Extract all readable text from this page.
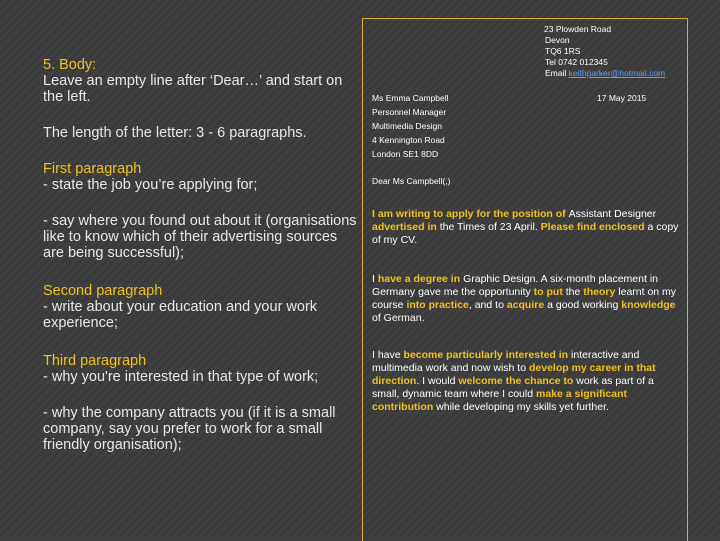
5. Body:

Leave an empty line after ‘Dear…’ and start on the left.

The length of the letter: 3 - 6 paragraphs.

First paragraph

- state the job you’re applying for;

- say where you found out about it (organisations like to know which of their advertising sources are being successful);

Second paragraph

- write about your education and your work experience;

Third paragraph

- why you're interested in that type of work;

- why the company attracts you (if it is a small company, say you prefer to work for a small friendly organisation);

23 Plowden Road
Devon
TQ6 1RS
Tel 0742 012345
Email keithparker@hotmail.com
Ms Emma Campbell
Personnel Manager
Multimedia Design
4 Kennington Road
London SE1 8DD
17 May 2015
Dear Ms Campbell(,)
I am writing to apply for the position of Assistant Designer advertised in the Times of 23 April. Please find enclosed a copy of my CV.
I have a degree in Graphic Design. A six-month placement in Germany gave me the opportunity to put the theory learnt on my course into practice, and to acquire a good working knowledge of German.
I have become particularly interested in interactive and multimedia work and now wish to develop my career in that direction. I would welcome the chance to work as part of a small, dynamic team where I could make a significant contribution while developing my skills yet further.
